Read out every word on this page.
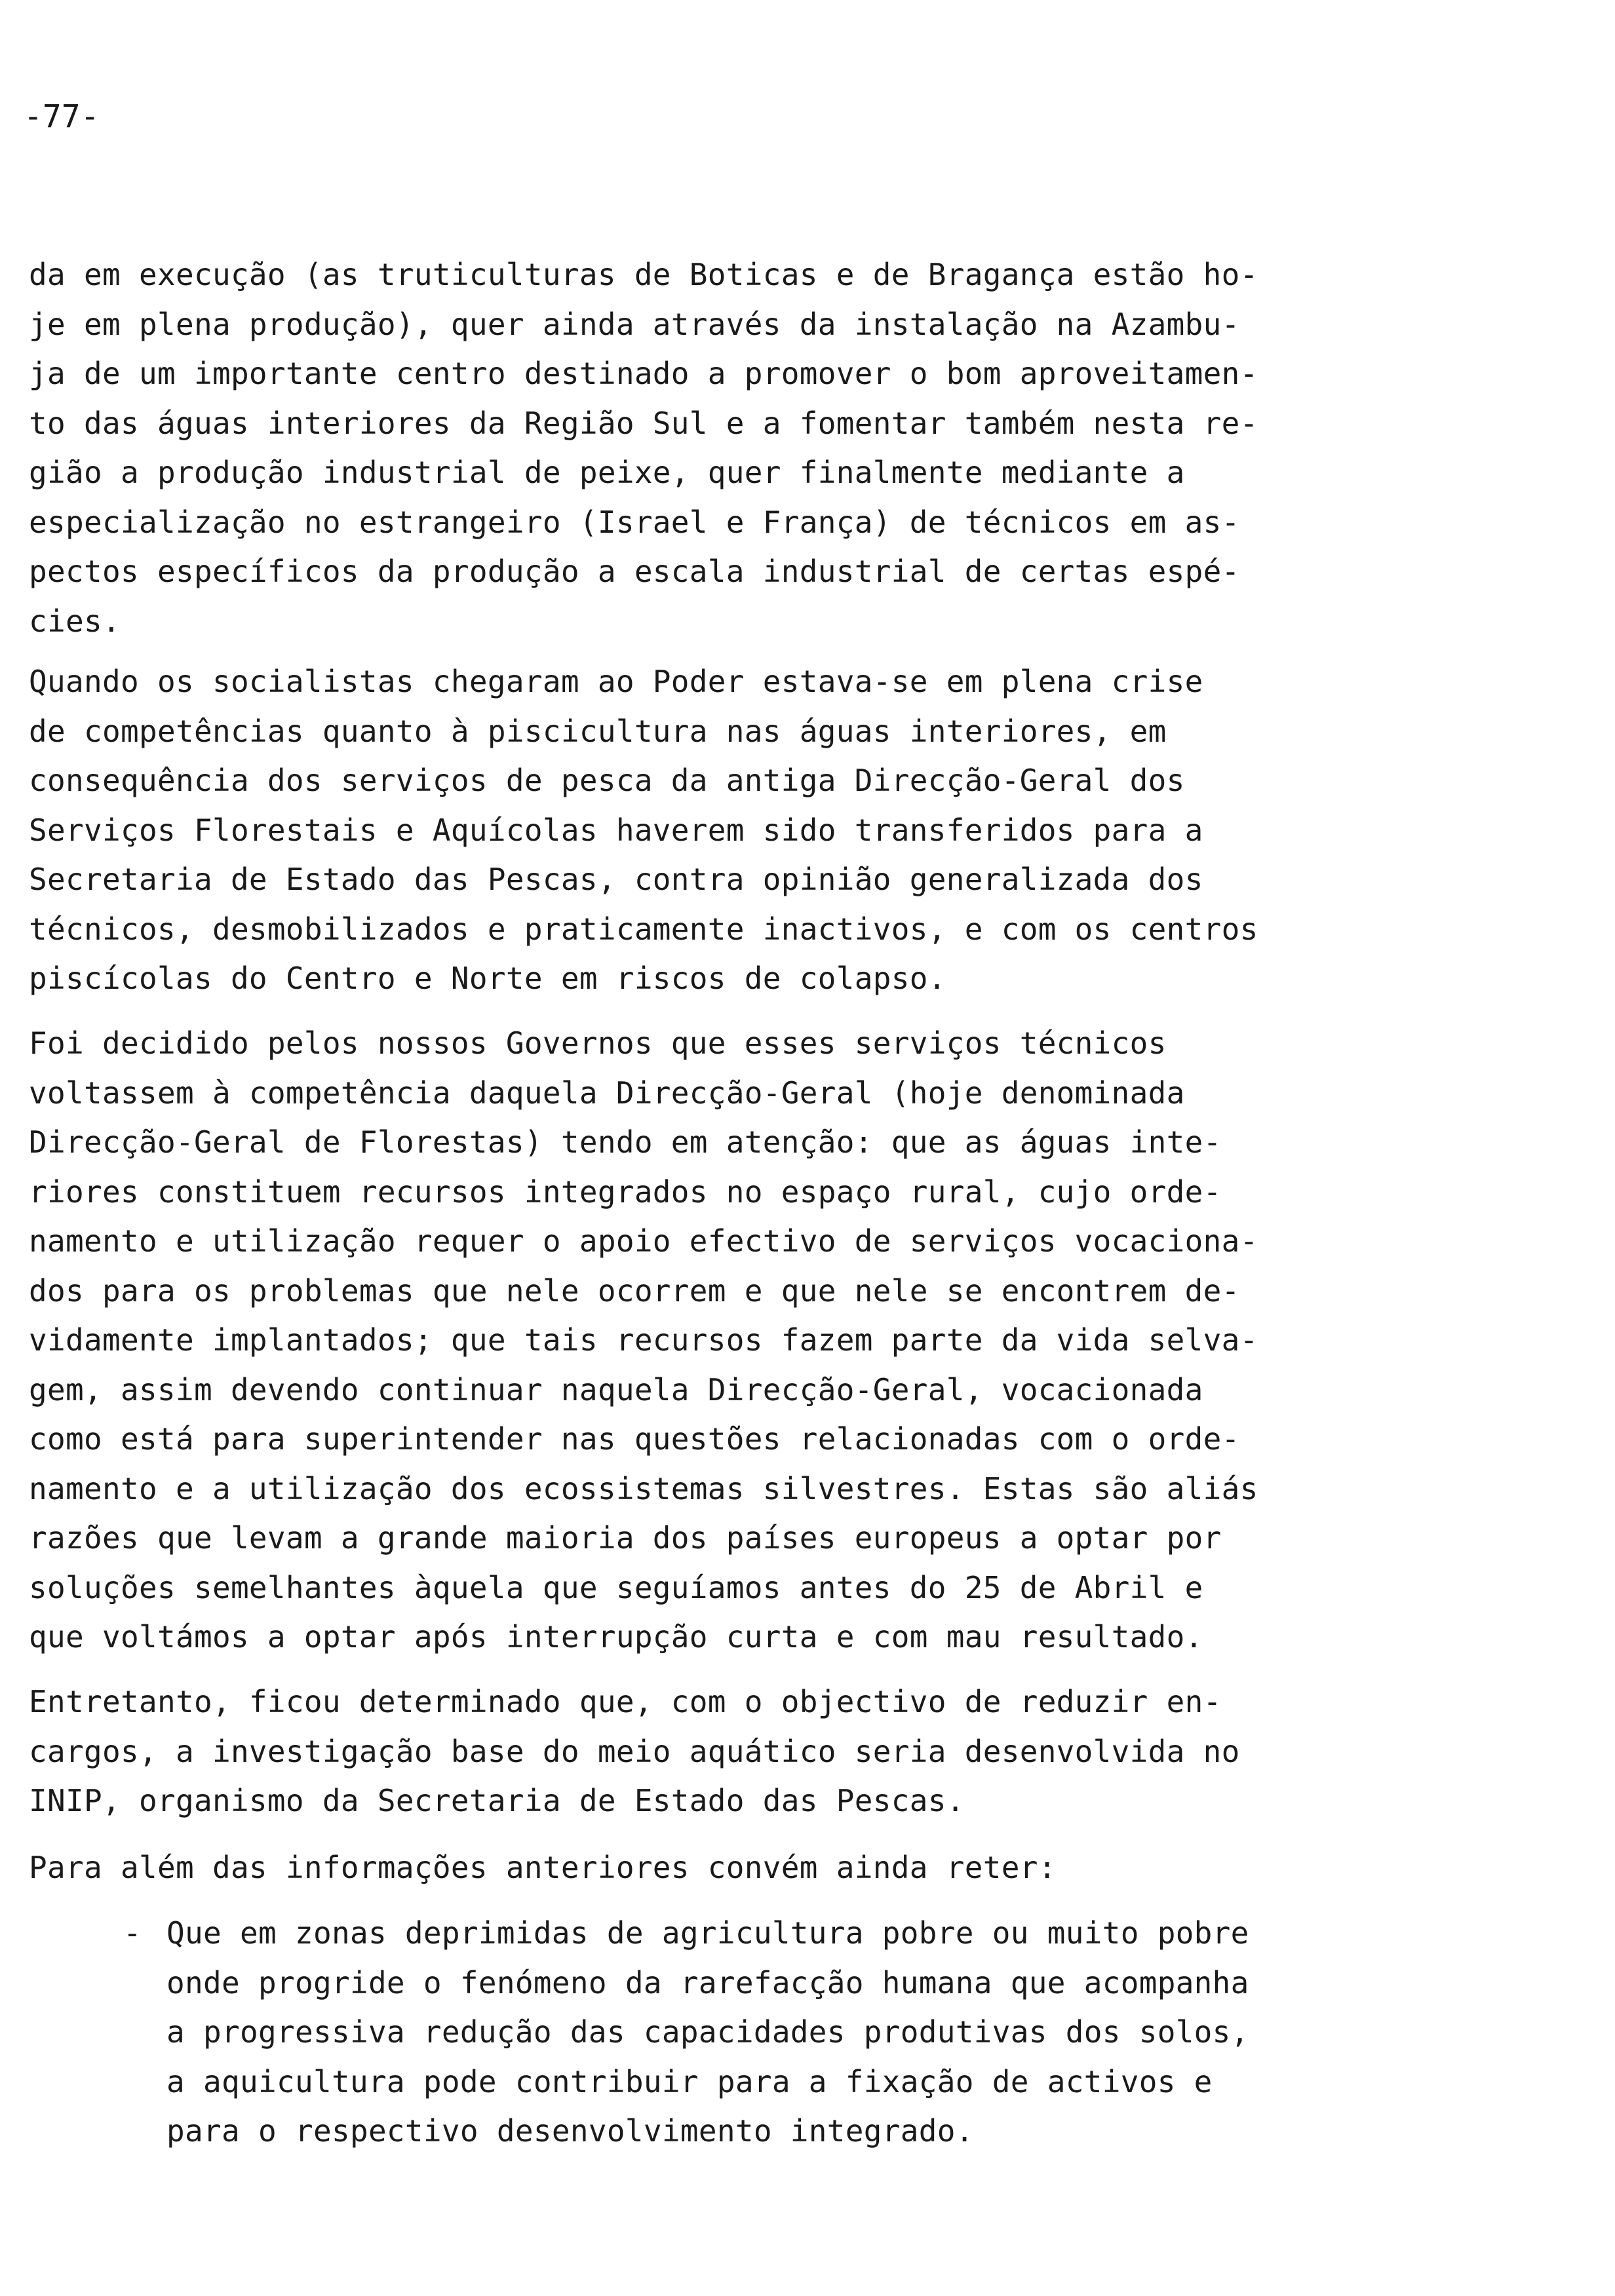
-77-
da em execução (as truticulturas de Boticas e de Bragança estão ho-
je em plena produção), quer ainda através da instalação na Azambu-
ja de um importante centro destinado a promover o bom aproveitamen-
to das águas interiores da Região Sul e a fomentar também nesta re-
gião a produção industrial de peixe, quer finalmente mediante a
especialização no estrangeiro (Israel e França) de técnicos em as-
pectos específicos da produção a escala industrial de certas espé-
cies.
Quando os socialistas chegaram ao Poder estava-se em plena crise
de competências quanto à piscicultura nas águas interiores, em
consequência dos serviços de pesca da antiga Direcção-Geral dos
Serviços Florestais e Aquícolas haverem sido transferidos para a
Secretaria de Estado das Pescas, contra opinião generalizada dos
técnicos, desmobilizados e praticamente inactivos, e com os centros
piscícolas do Centro e Norte em riscos de colapso.
Foi decidido pelos nossos Governos que esses serviços técnicos
voltassem à competência daquela Direcção-Geral (hoje denominada
Direcção-Geral de Florestas) tendo em atenção: que as águas inte-
riores constituem recursos integrados no espaço rural, cujo orde-
namento e utilização requer o apoio efectivo de serviços vocaciona-
dos para os problemas que nele ocorrem e que nele se encontrem de-
vidamente implantados; que tais recursos fazem parte da vida selva-
gem, assim devendo continuar naquela Direcção-Geral, vocacionada
como está para superintender nas questões relacionadas com o orde-
namento e a utilização dos ecossistemas silvestres. Estas são aliás
razões que levam a grande maioria dos países europeus a optar por
soluções semelhantes àquela que seguíamos antes do 25 de Abril e
que voltámos a optar após interrupção curta e com mau resultado.
Entretanto, ficou determinado que, com o objectivo de reduzir en-
cargos, a investigação base do meio aquático seria desenvolvida no
INIP, organismo da Secretaria de Estado das Pescas.
Para além das informações anteriores convém ainda reter:
- Que em zonas deprimidas de agricultura pobre ou muito pobre
onde progride o fenómeno da rarefacção humana que acompanha
a progressiva redução das capacidades produtivas dos solos,
a aquicultura pode contribuir para a fixação de activos e
para o respectivo desenvolvimento integrado.
